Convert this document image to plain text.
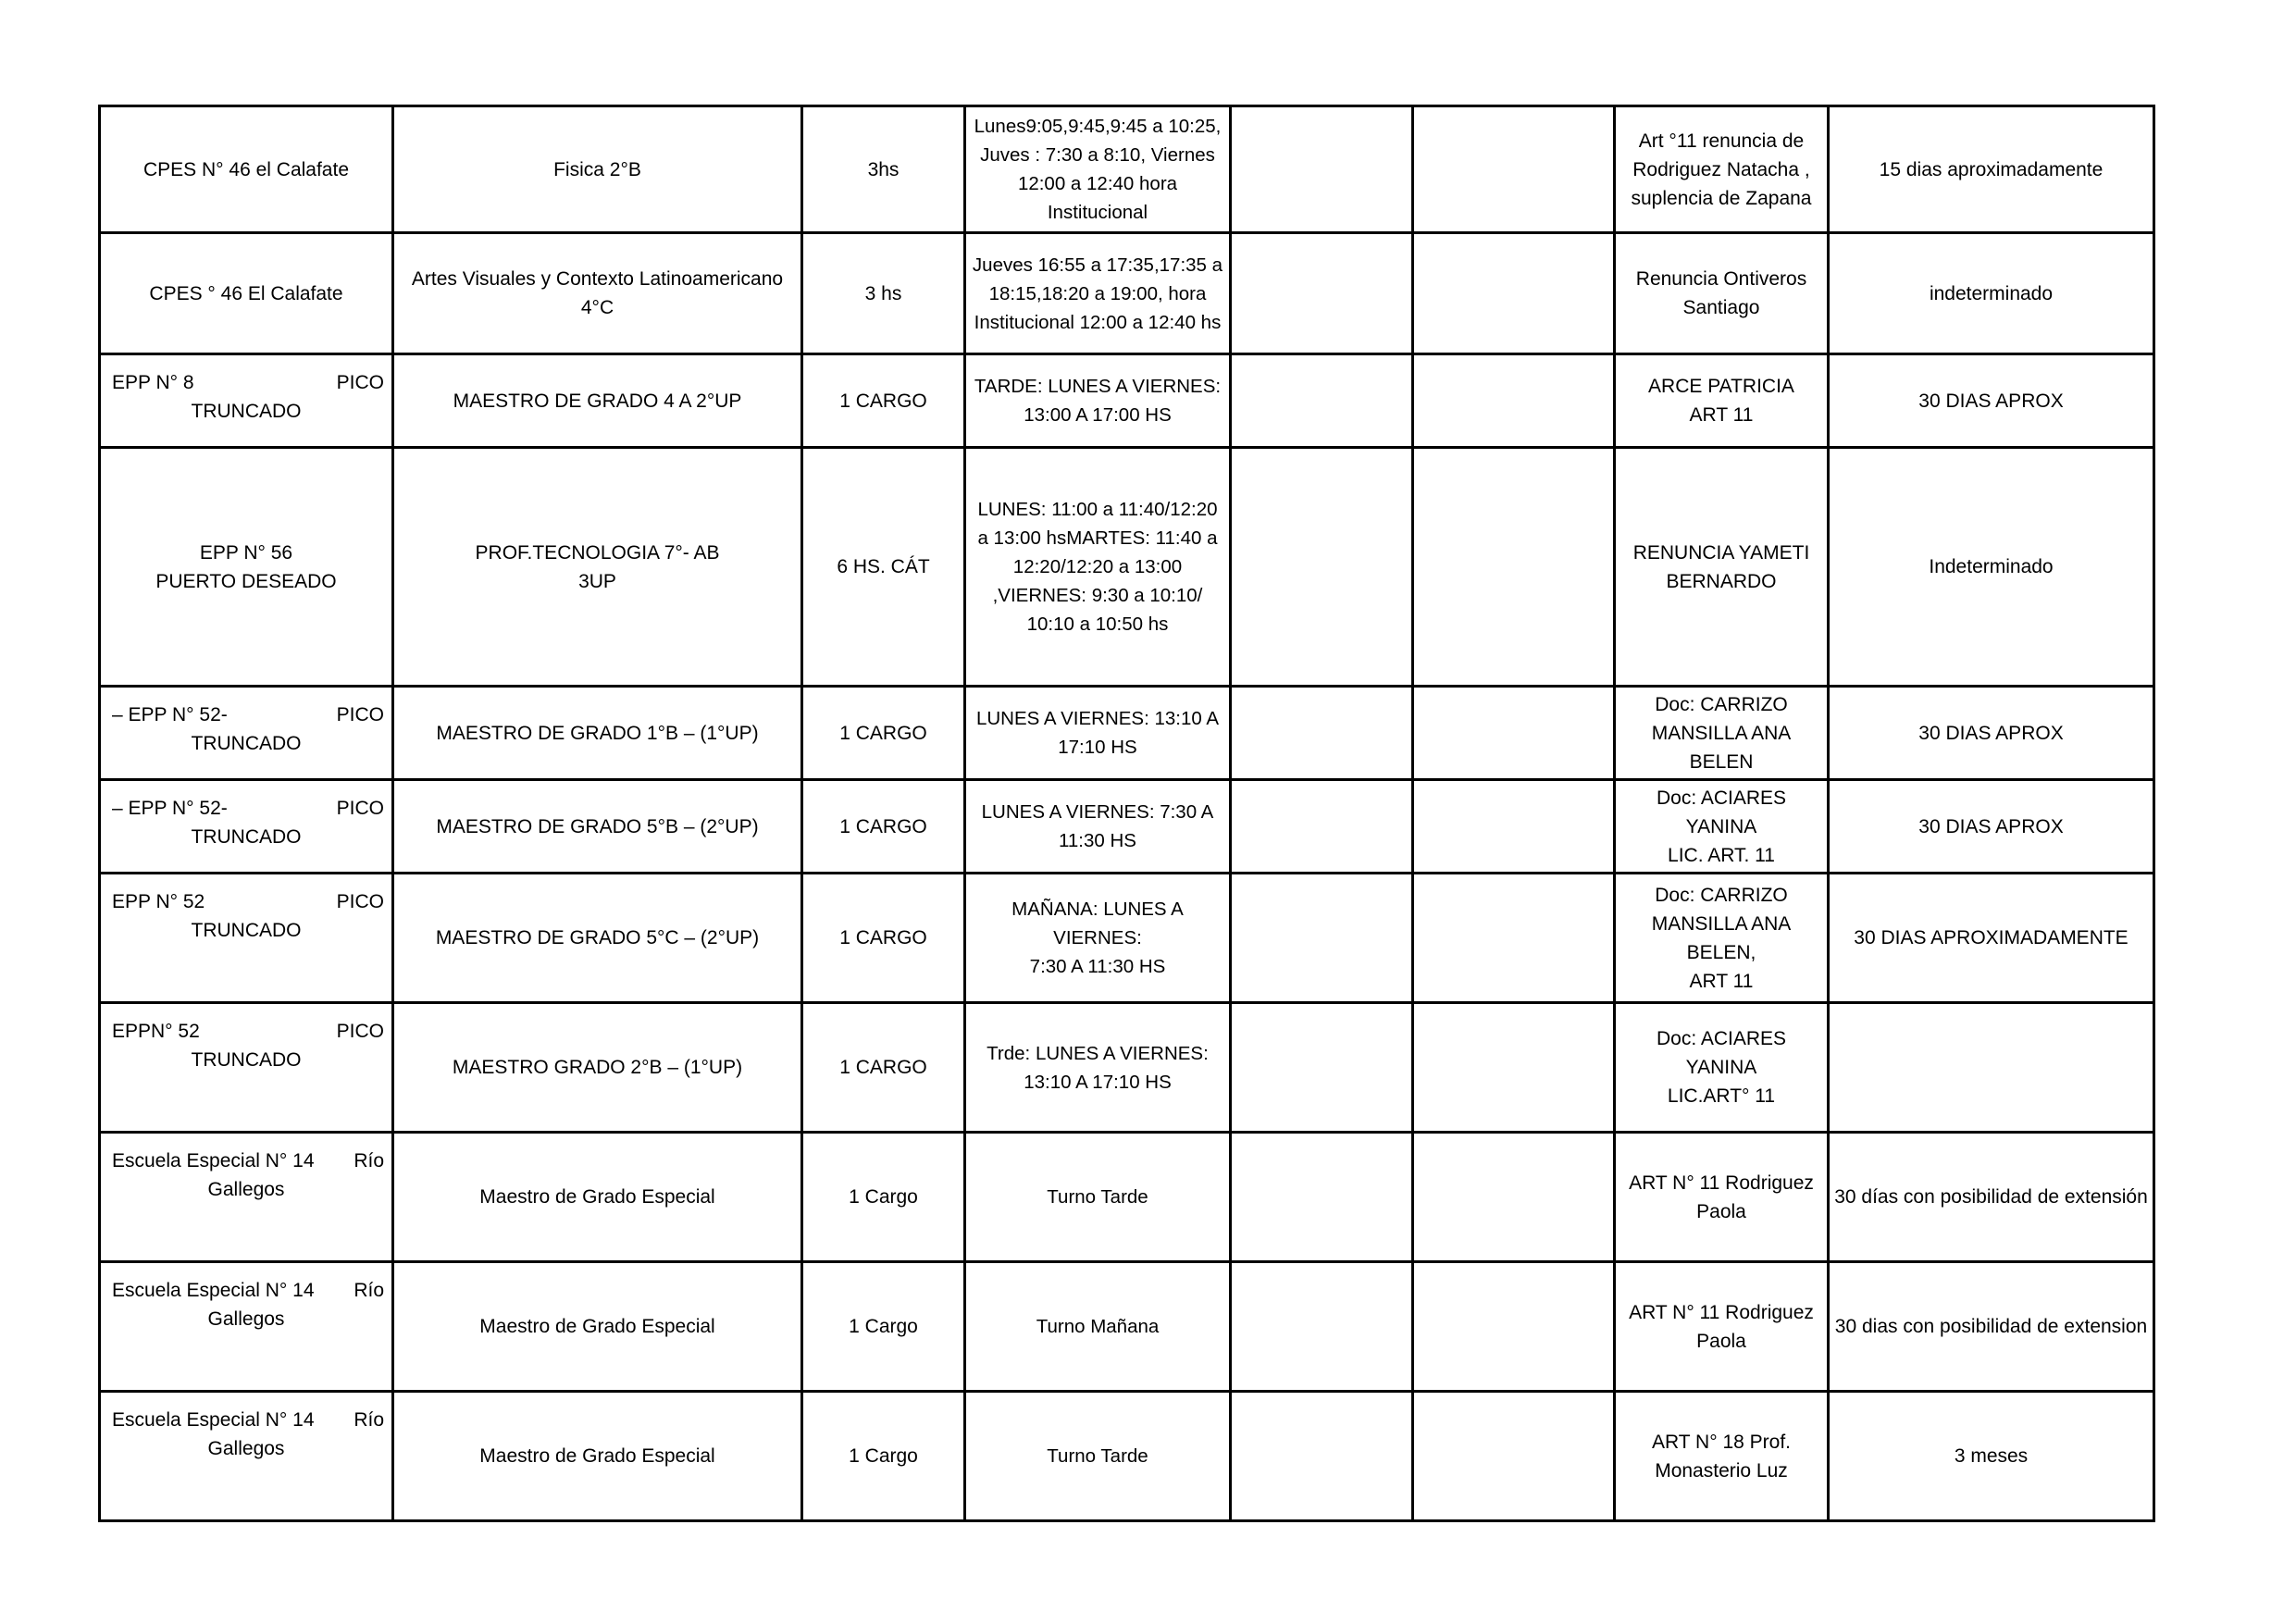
CPES N° 46 el Calafate	Fisica 2°B	3hs	Lunes9:05,9:45,9:45 a 10:25,
Juves : 7:30 a 8:10, Viernes
12:00 a 12:40 hora
Institucional			Art °11 renuncia de
Rodriguez Natacha ,
suplencia de Zapana	15 dias aproximadamente

CPES ° 46 El Calafate	Artes Visuales y Contexto Latinoamericano
4°C	3 hs	Jueves 16:55 a 17:35,17:35 a
18:15,18:20 a 19:00, hora
Institucional 12:00 a 12:40 hs			Renuncia Ontiveros
Santiago	indeterminado

EPP N° 8 PICO
TRUNCADO	MAESTRO DE GRADO 4 A 2°UP	1 CARGO	TARDE: LUNES A VIERNES:
13:00 A 17:00 HS			ARCE PATRICIA
ART 11	30 DIAS APROX

EPP N° 56
PUERTO DESEADO	PROF.TECNOLOGIA 7°- AB
3UP	6 HS. CÁT	LUNES: 11:00 a 11:40/12:20
a 13:00 hsMARTES: 11:40 a
12:20/12:20 a 13:00
,VIERNES: 9:30 a 10:10/
10:10 a 10:50 hs			RENUNCIA YAMETI
BERNARDO	Indeterminado

– EPP N° 52- PICO
TRUNCADO	MAESTRO DE GRADO 1°B – (1°UP)	1 CARGO	LUNES A VIERNES: 13:10 A
17:10 HS			Doc: CARRIZO
MANSILLA ANA BELEN	30 DIAS APROX

– EPP N° 52- PICO
TRUNCADO	MAESTRO DE GRADO 5°B – (2°UP)	1 CARGO	LUNES A VIERNES: 7:30 A
11:30 HS			Doc: ACIARES YANINA
LIC. ART. 11	30 DIAS APROX

EPP N° 52 PICO
TRUNCADO	MAESTRO DE GRADO 5°C – (2°UP)	1 CARGO	MAÑANA: LUNES A VIERNES:
7:30 A 11:30 HS			Doc: CARRIZO
MANSILLA ANA BELEN,
ART 11	30 DIAS APROXIMADAMENTE

EPPN° 52 PICO
TRUNCADO	MAESTRO GRADO 2°B – (1°UP)	1 CARGO	Trde: LUNES A VIERNES:
13:10 A 17:10 HS			Doc: ACIARES YANINA
LIC.ART° 11	

Escuela Especial N° 14 Río
Gallegos	Maestro de Grado Especial	1 Cargo	Turno Tarde			ART N° 11 Rodriguez
Paola	30 días con posibilidad de extensión

Escuela Especial N° 14 Río
Gallegos	Maestro de Grado Especial	1 Cargo	Turno Mañana			ART N° 11 Rodriguez
Paola	30 dias con posibilidad de extension

Escuela Especial N° 14 Río
Gallegos	Maestro de Grado Especial	1 Cargo	Turno Tarde			ART N° 18 Prof.
Monasterio Luz	3 meses
